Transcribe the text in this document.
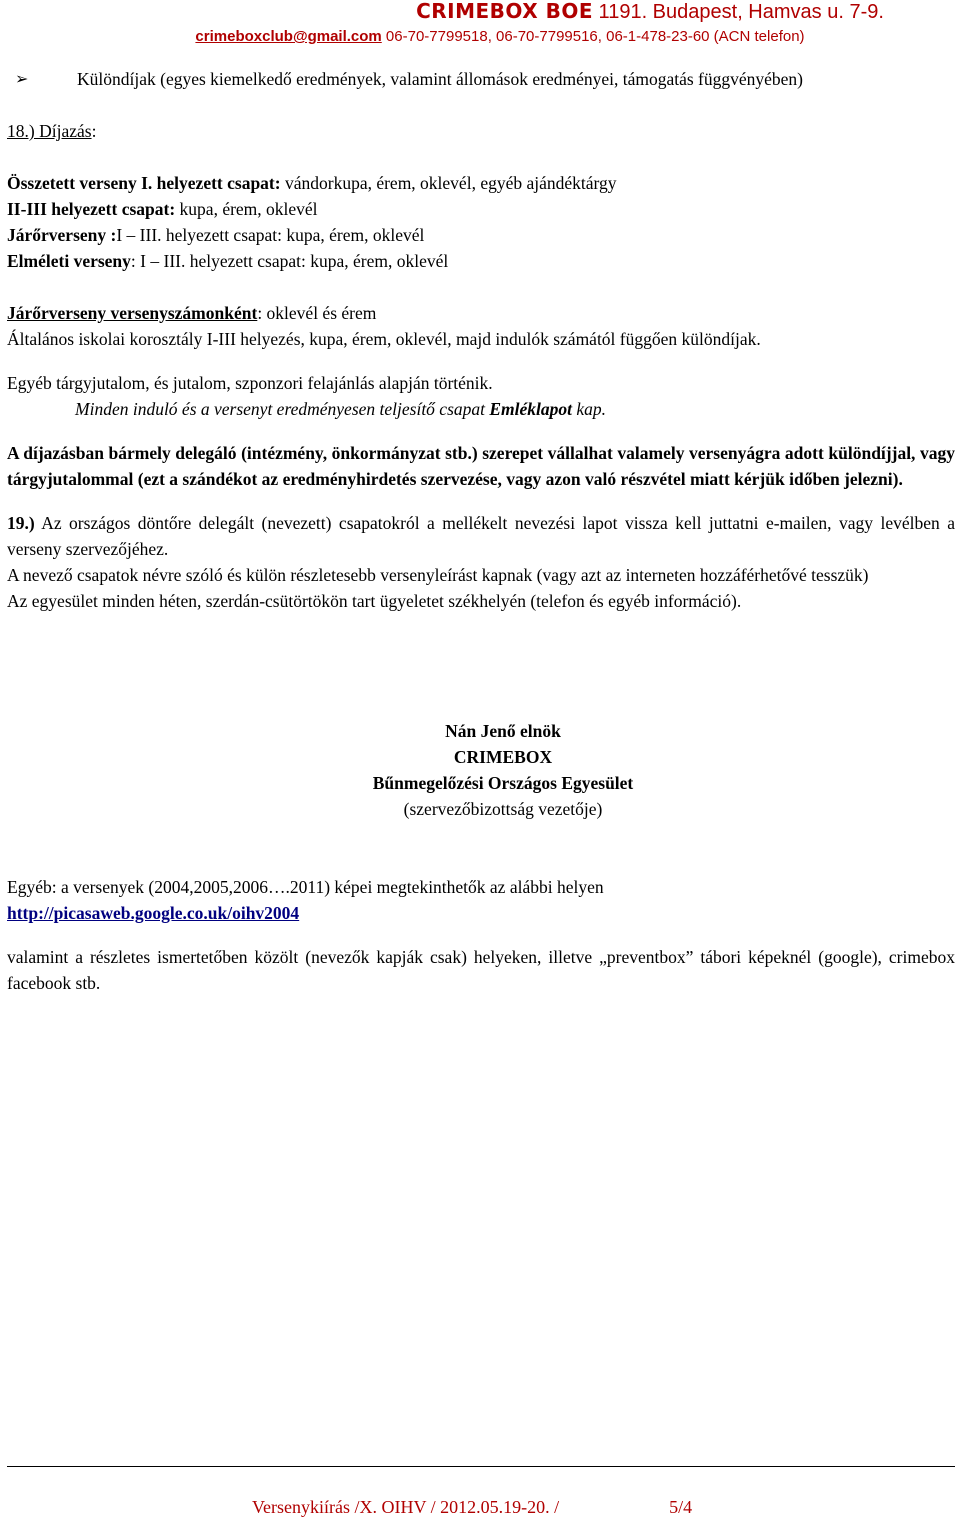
CRIMEBOX BOE 1191. Budapest, Hamvas u. 7-9.
crimeboxclub@gmail.com 06-70-7799518, 06-70-7799516, 06-1-478-23-60 (ACN telefon)

➢	Különdíjak (egyes kiemelkedő eredmények, valamint állomások eredményei, támogatás függvényében)

18.) Díjazás:

Összetett verseny I. helyezett csapat: vándorkupa, érem, oklevél, egyéb ajándéktárgy

II-III helyezett csapat: kupa, érem, oklevél

Járőrverseny :I – III. helyezett csapat: kupa, érem, oklevél

Elméleti verseny: I – III. helyezett csapat: kupa, érem, oklevél

Járőrverseny versenyszámonként: oklevél és érem

Általános iskolai korosztály I-III helyezés, kupa, érem, oklevél, majd indulók számától függően különdíjak.

Egyéb tárgyjutalom, és jutalom, szponzori felajánlás alapján történik.

Minden induló és a versenyt eredményesen teljesítő csapat Emléklapot kap.

A díjazásban bármely delegáló (intézmény, önkormányzat stb.) szerepet vállalhat valamely versenyágra adott különdíjjal, vagy tárgyjutalommal (ezt a szándékot az eredményhirdetés szervezése, vagy azon való részvétel miatt kérjük időben jelezni).

19.) Az országos döntőre delegált (nevezett) csapatokról a mellékelt nevezési lapot vissza kell juttatni e-mailen, vagy levélben a verseny szervezőjéhez.

A nevező csapatok névre szóló és külön részletesebb versenyleírást kapnak (vagy azt az interneten hozzáférhetővé tesszük)

Az egyesület minden héten, szerdán-csütörtökön tart ügyeletet székhelyén (telefon és egyéb információ).

Nán Jenő elnök

CRIMEBOX

Bűnmegelőzési Országos Egyesület

(szervezőbizottság vezetője)

Egyéb: a versenyek (2004,2005,2006….2011) képei megtekinthetők az alábbi helyen

http://picasaweb.google.co.uk/oihv2004

valamint a részletes ismertetőben közölt (nevezők kapják csak) helyeken, illetve „preventbox” tábori képeknél (google), crimebox facebook stb.

Versenykiírás /X. OIHV / 2012.05.19-20. /	5/4
